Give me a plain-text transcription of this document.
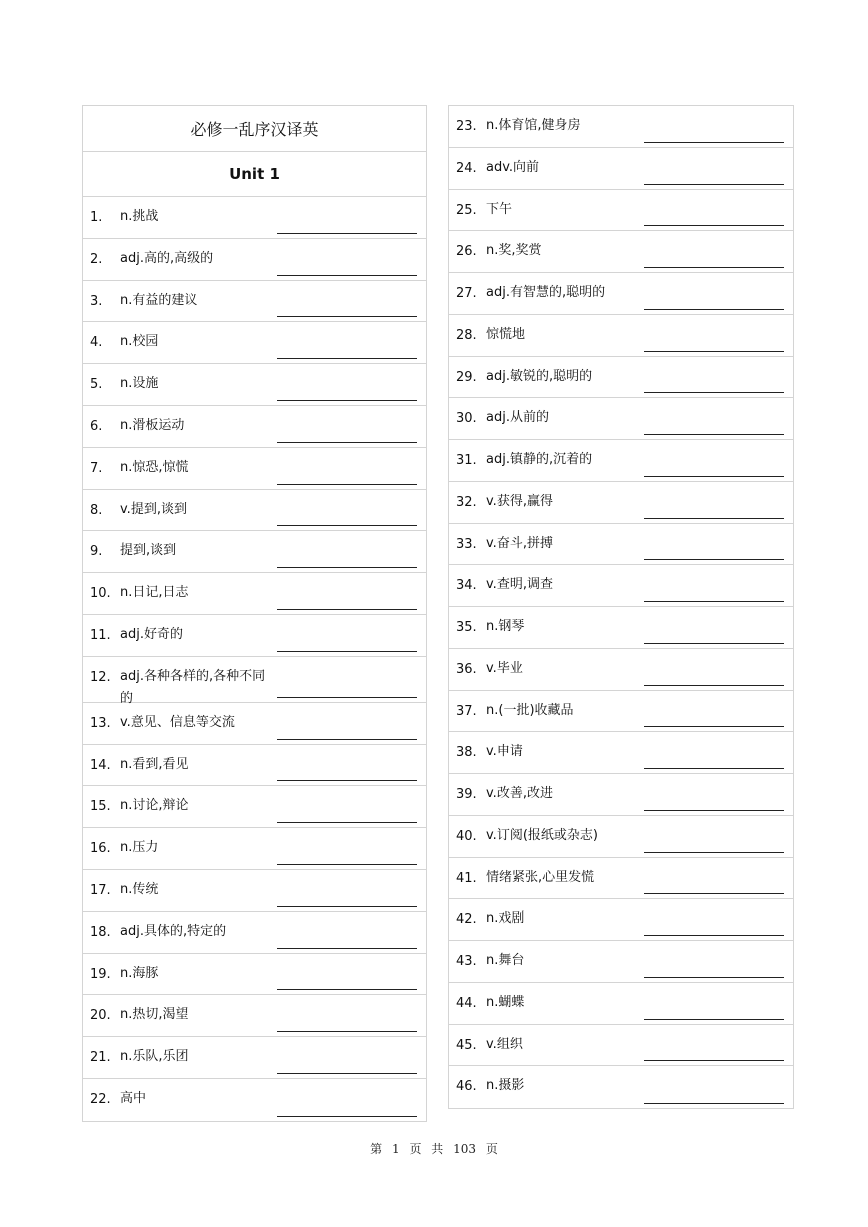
必修一乱序汉译英
Unit 1
1.	n.挑战
2.	adj.高的,高级的
3.	n.有益的建议
4.	n.校园
5.	n.设施
6.	n.滑板运动
7.	n.惊恐,惊慌
8.	v.提到,谈到
9.	提到,谈到
10. n.日记,日志
11. adj.好奇的
12. adj.各种各样的,各种不同的
13. v.意见、信息等交流
14. n.看到,看见
15. n.讨论,辩论
16. n.压力
17. n.传统
18. adj.具体的,特定的
19. n.海豚
20. n.热切,渴望
21. n.乐队,乐团
22. 高中
23. n.体育馆,健身房
24. adv.向前
25. 下午
26. n.奖,奖赏
27. adj.有智慧的,聪明的
28. 惊慌地
29. adj.敏锐的,聪明的
30. adj.从前的
31. adj.镇静的,沉着的
32. v.获得,赢得
33. v.奋斗,拼搏
34. v.查明,调查
35. n.钢琴
36. v.毕业
37. n.(一批)收藏品
38. v.申请
39. v.改善,改进
40. v.订阅(报纸或杂志)
41. 情绪紧张,心里发慌
42. n.戏剧
43. n.舞台
44. n.蝴蝶
45. v.组织
46. n.摄影
第 1 页 共 103 页
